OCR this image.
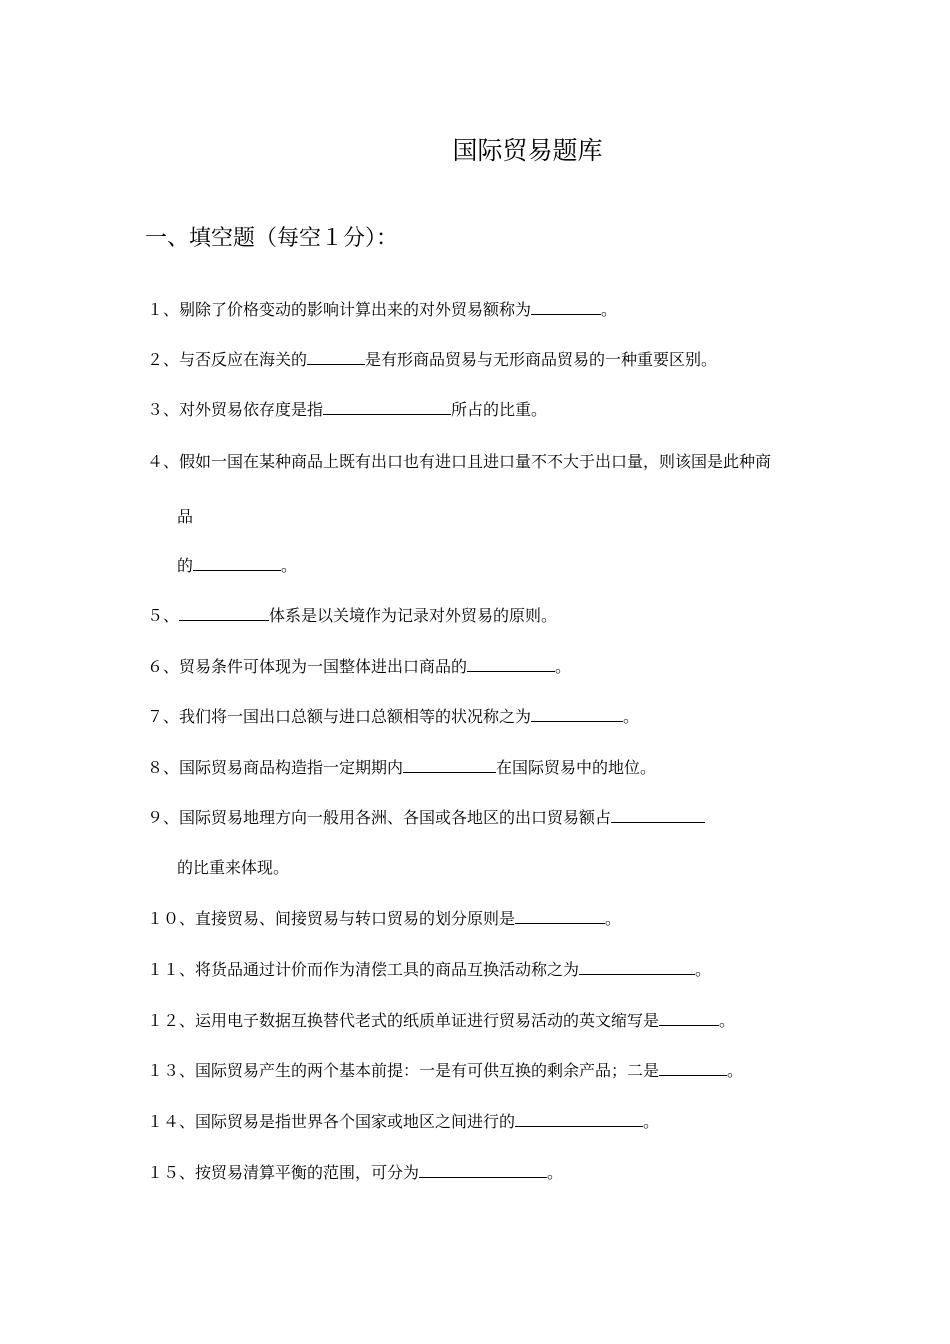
国际贸易题库
一、填空题（每空１分）：
１、剔除了价格变动的影响计算出来的对外贸易额称为	。
２、与否反应在海关的	是有形商品贸易与无形商品贸易的一种重要区别。
３、对外贸易依存度是指	所占的比重。
４、假如一国在某种商品上既有出口也有进口且进口量不不大于出口量，则该国是此种商
品
的	。
５、	体系是以关境作为记录对外贸易的原则。
６、贸易条件可体现为一国整体进出口商品的	。
７、我们将一国出口总额与进口总额相等的状况称之为	。
８、国际贸易商品构造指一定期期内	在国际贸易中的地位。
９、国际贸易地理方向一般用各洲、各国或各地区的出口贸易额占
的比重来体现。
１０、直接贸易、间接贸易与转口贸易的划分原则是	。
１１、将货品通过计价而作为清偿工具的商品互换活动称之为	。
１２、运用电子数据互换替代老式的纸质单证进行贸易活动的英文缩写是	。
１３、国际贸易产生的两个基本前提：一是有可供互换的剩余产品；二是	。
１４、国际贸易是指世界各个国家或地区之间进行的	。
１５、按贸易清算平衡的范围，可分为	。
